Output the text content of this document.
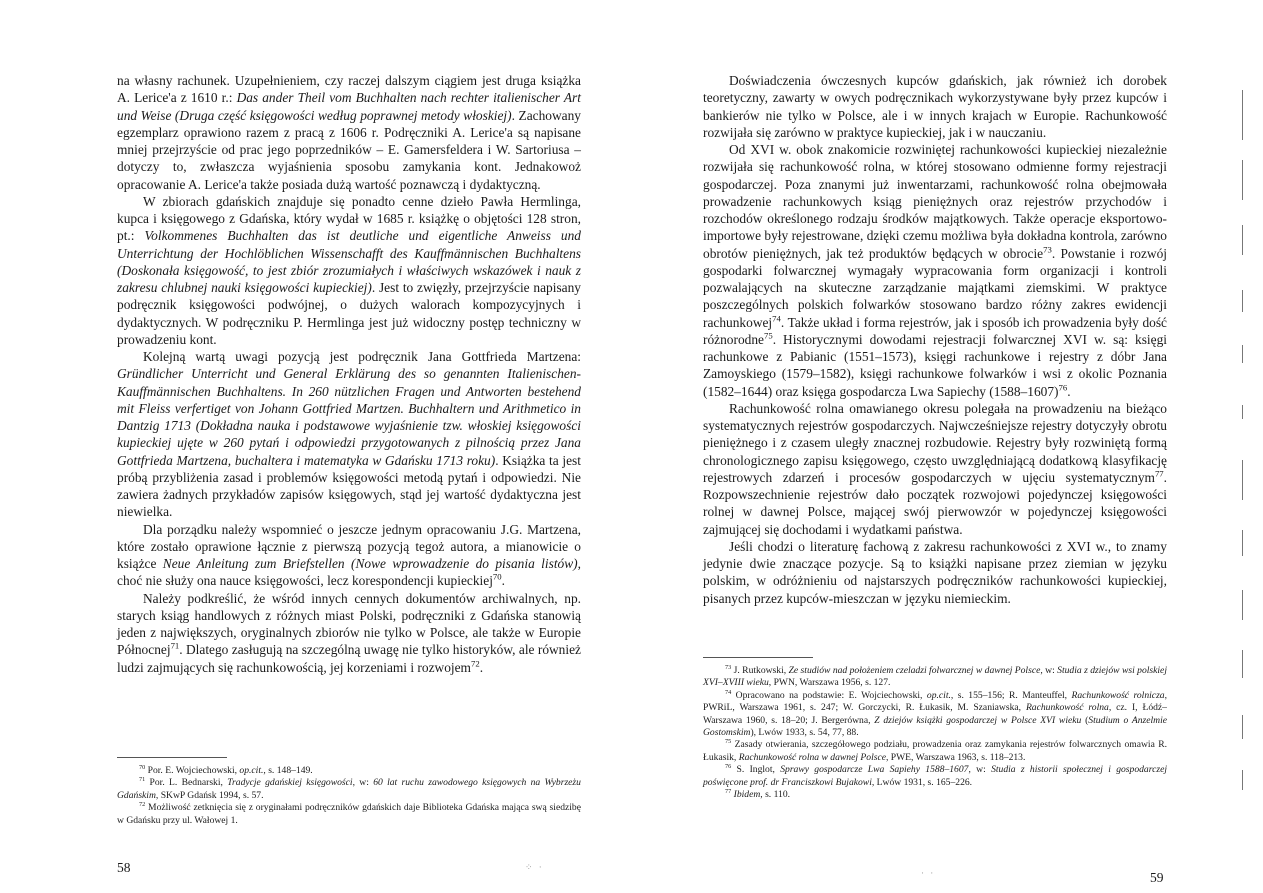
na własny rachunek. Uzupełnieniem, czy raczej dalszym ciągiem jest druga książka A. Lerice'a z 1610 r.: Das ander Theil vom Buchhalten nach rechter italienischer Art und Weise (Druga część księgowości według poprawnej metody włoskiej). Zachowany egzemplarz oprawiono razem z pracą z 1606 r. Podręczniki A. Lerice'a są napisane mniej przejrzyście od prac jego poprzedników – E. Gamersfeldera i W. Sartoriusa – dotyczy to, zwłaszcza wyjaśnienia sposobu zamykania kont. Jednakowoż opracowanie A. Lerice'a także posiada dużą wartość poznawczą i dydaktyczną.

W zbiorach gdańskich znajduje się ponadto cenne dzieło Pawła Hermlinga, kupca i księgowego z Gdańska, który wydał w 1685 r. książkę o objętości 128 stron, pt.: Volkommenes Buchhalten das ist deutliche und eigentliche Anweiss und Unterrichtung der Hochlöblichen Wissenschafft des Kauffmännischen Buchhaltens (Doskonała księgowość, to jest zbiór zrozumiałych i właściwych wskazówek i nauk z zakresu chlubnej nauki księgowości kupieckiej). Jest to zwięzły, przejrzyście napisany podręcznik księgowości podwójnej, o dużych walorach kompozycyjnych i dydaktycznych. W podręczniku P. Hermlinga jest już widoczny postęp techniczny w prowadzeniu kont.

Kolejną wartą uwagi pozycją jest podręcznik Jana Gottfrieda Martzena: Gründlicher Unterricht und General Erklärung des so genannten Italienischen-Kauffmännischen Buchhaltens. In 260 nützlichen Fragen und Antworten bestehend mit Fleiss verfertiget von Johann Gottfried Martzen. Buchhaltern und Arithmetico in Dantzig 1713 (Dokładna nauka i podstawowe wyjaśnienie tzw. włoskiej księgowości kupieckiej ujęte w 260 pytań i odpowiedzi przygotowanych z pilnością przez Jana Gottfrieda Martzena, buchaltera i matematyka w Gdańsku 1713 roku). Książka ta jest próbą przybliżenia zasad i problemów księgowości metodą pytań i odpowiedzi. Nie zawiera żadnych przykładów zapisów księgowych, stąd jej wartość dydaktyczna jest niewielka.

Dla porządku należy wspomnieć o jeszcze jednym opracowaniu J.G. Martzena, które zostało oprawione łącznie z pierwszą pozycją tegoż autora, a mianowicie o książce Neue Anleitung zum Briefstellen (Nowe wprowadzenie do pisania listów), choć nie służy ona nauce księgowości, lecz korespondencji kupieckiej$^{70}$.

Należy podkreślić, że wśród innych cennych dokumentów archiwalnych, np. starych ksiąg handlowych z różnych miast Polski, podręczniki z Gdańska stanowią jeden z największych, oryginalnych zbiorów nie tylko w Polsce, ale także w Europie Północnej$^{71}$. Dlatego zasługują na szczególną uwagę nie tylko historyków, ale również ludzi zajmujących się rachunkowością, jej korzeniami i rozwojem$^{72}$.

$^{70}$ Por. E. Wojciechowski, op.cit., s. 148–149.

$^{71}$ Por. L. Bednarski, Tradycje gdańskiej księgowości, w: 60 lat ruchu zawodowego księgowych na Wybrzeżu Gdańskim, SKwP Gdańsk 1994, s. 57.

$^{72}$ Możliwość zetknięcia się z oryginałami podręczników gdańskich daje Biblioteka Gdańska mająca swą siedzibę w Gdańsku przy ul. Wałowej 1.

58	⁘ ·

Doświadczenia ówczesnych kupców gdańskich, jak również ich dorobek teoretyczny, zawarty w owych podręcznikach wykorzystywane były przez kupców i bankierów nie tylko w Polsce, ale i w innych krajach w Europie. Rachunkowość rozwijała się zarówno w praktyce kupieckiej, jak i w nauczaniu.

Od XVI w. obok znakomicie rozwiniętej rachunkowości kupieckiej niezależnie rozwijała się rachunkowość rolna, w której stosowano odmienne formy rejestracji gospodarczej. Poza znanymi już inwentarzami, rachunkowość rolna obejmowała prowadzenie rachunkowych ksiąg pieniężnych oraz rejestrów przychodów i rozchodów określonego rodzaju środków majątkowych. Także operacje eksportowo-importowe były rejestrowane, dzięki czemu możliwa była dokładna kontrola, zarówno obrotów pieniężnych, jak też produktów będących w obrocie$^{73}$. Powstanie i rozwój gospodarki folwarcznej wymagały wypracowania form organizacji i kontroli pozwalających na skuteczne zarządzanie majątkami ziemskimi. W praktyce poszczególnych polskich folwarków stosowano bardzo różny zakres ewidencji rachunkowej$^{74}$. Także układ i forma rejestrów, jak i sposób ich prowadzenia były dość różnorodne$^{75}$. Historycznymi dowodami rejestracji folwarcznej XVI w. są: księgi rachunkowe z Pabianic (1551–1573), księgi rachunkowe i rejestry z dóbr Jana Zamoyskiego (1579–1582), księgi rachunkowe folwarków i wsi z okolic Poznania (1582–1644) oraz księga gospodarcza Lwa Sapiechy (1588–1607)$^{76}$.

Rachunkowość rolna omawianego okresu polegała na prowadzeniu na bieżąco systematycznych rejestrów gospodarczych. Najwcześniejsze rejestry dotyczyły obrotu pieniężnego i z czasem uległy znacznej rozbudowie. Rejestry były rozwiniętą formą chronologicznego zapisu księgowego, często uwzględniającą dodatkową klasyfikację rejestrowych zdarzeń i procesów gospodarczych w ujęciu systematycznym$^{77}$. Rozpowszechnienie rejestrów dało początek rozwojowi pojedynczej księgowości rolnej w dawnej Polsce, mającej swój pierwowzór w pojedynczej księgowości zajmującej się dochodami i wydatkami państwa.

Jeśli chodzi o literaturę fachową z zakresu rachunkowości z XVI w., to znamy jedynie dwie znaczące pozycje. Są to książki napisane przez ziemian w języku polskim, w odróżnieniu od najstarszych podręczników rachunkowości kupieckiej, pisanych przez kupców-mieszczan w języku niemieckim.

$^{73}$ J. Rutkowski, Ze studiów nad położeniem czeladzi folwarcznej w dawnej Polsce, w: Studia z dziejów wsi polskiej XVI–XVIII wieku, PWN, Warszawa 1956, s. 127.

$^{74}$ Opracowano na podstawie: E. Wojciechowski, op.cit., s. 155–156; R. Manteuffel, Rachunkowość rolnicza, PWRiL, Warszawa 1961, s. 247; W. Gorczycki, R. Łukasik, M. Szaniawska, Rachunkowość rolna, cz. I, Łódź–Warszawa 1960, s. 18–20; J. Bergerówna, Z dziejów książki gospodarczej w Polsce XVI wieku (Studium o Anzelmie Gostomskim), Lwów 1933, s. 54, 77, 88.

$^{75}$ Zasady otwierania, szczegółowego podziału, prowadzenia oraz zamykania rejestrów folwarcznych omawia R. Łukasik, Rachunkowość rolna w dawnej Polsce, PWE, Warszawa 1963, s. 118–213.

$^{76}$ S. Inglot, Sprawy gospodarcze Lwa Sapiehy 1588–1607, w: Studia z historii społecznej i gospodarczej poświęcone prof. dr Franciszkowi Bujakowi, Lwów 1931, s. 165–226.

$^{77}$ Ibidem, s. 110.

59
· ·
